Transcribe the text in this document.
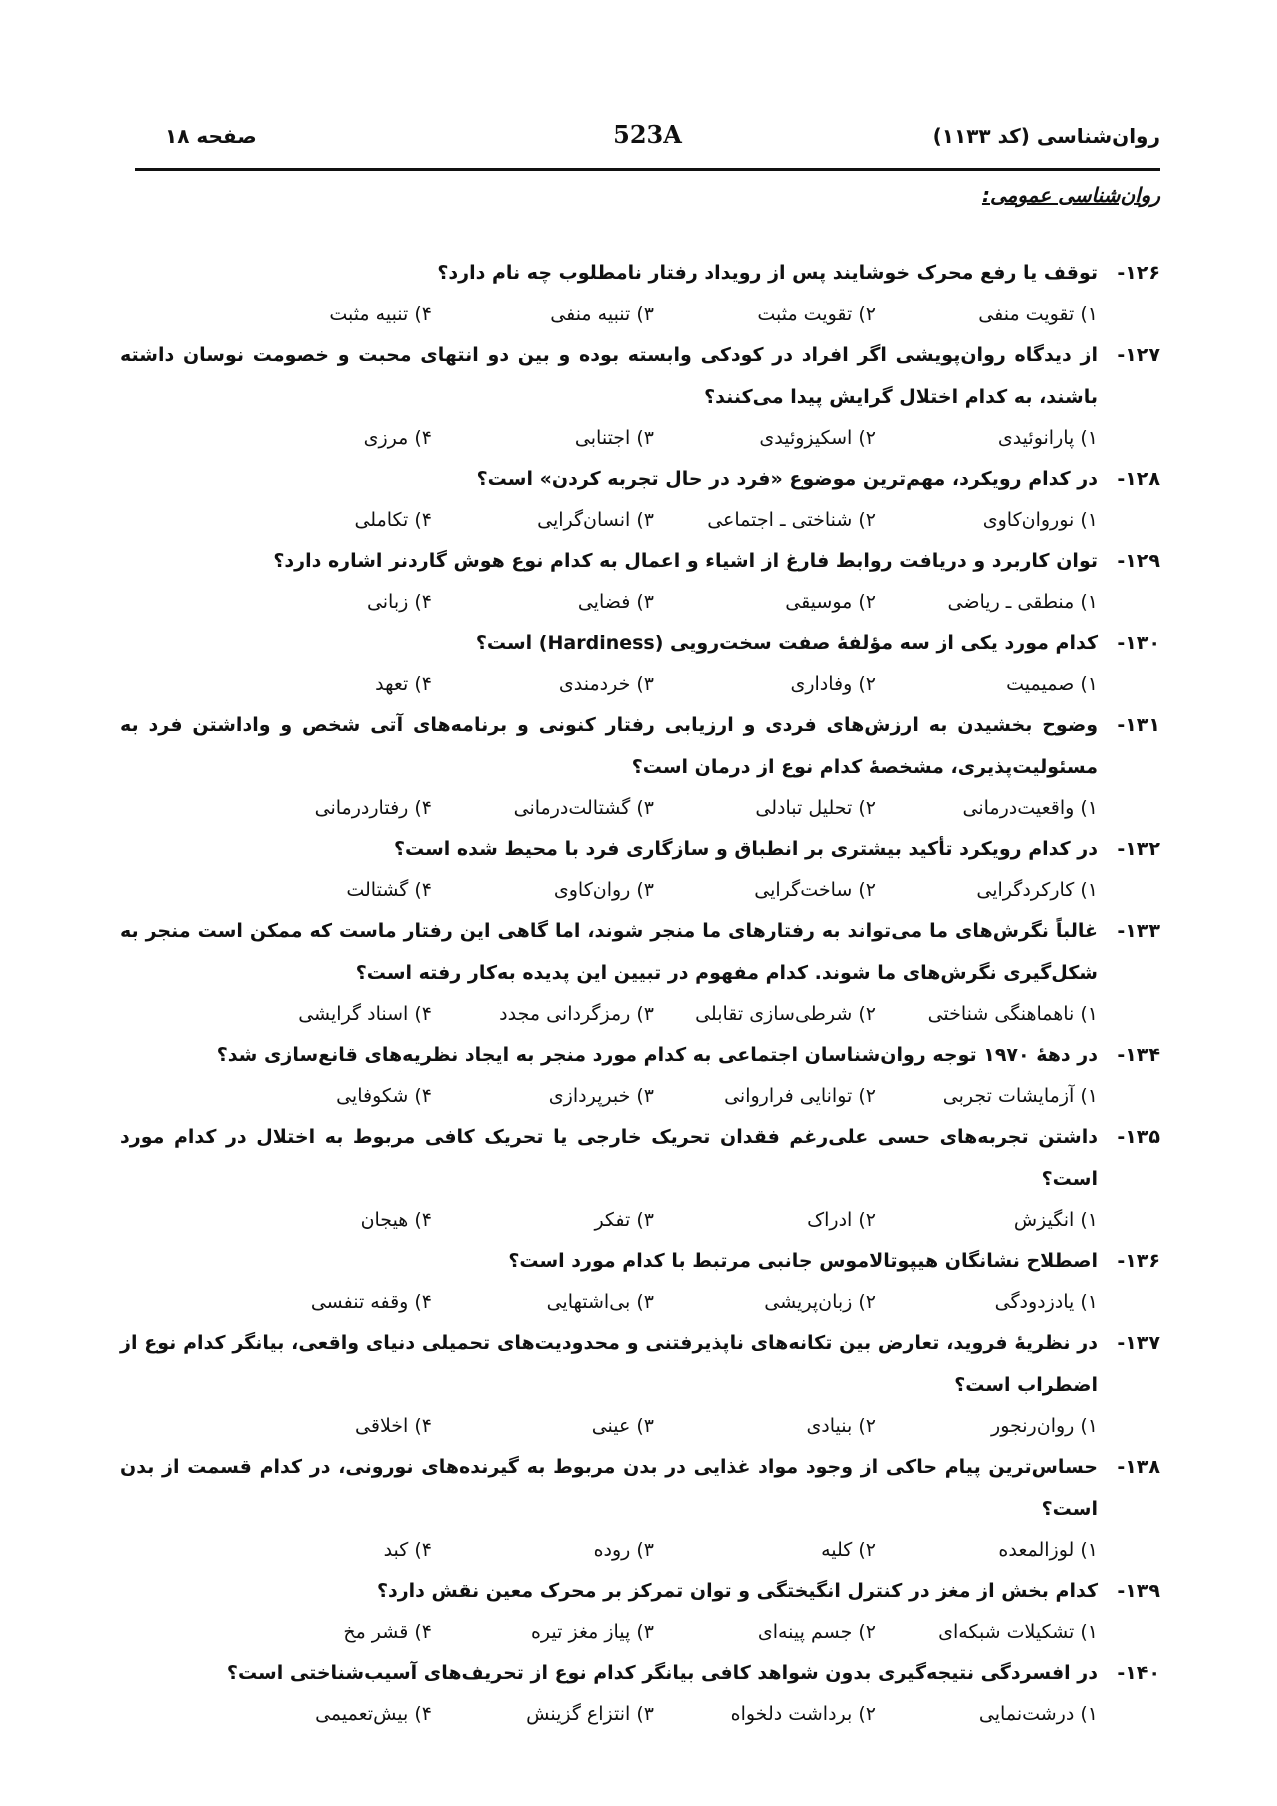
روان‌شناسی (کد ۱۱۳۳)
523A
صفحه ۱۸
روان‌شناسی عمومی:
۱۲۶-
توقف یا رفع محرک خوشایند پس از رویداد رفتار نامطلوب چه نام دارد؟
۱) تقویت منفی
۲) تقویت مثبت
۳) تنبیه منفی
۴) تنبیه مثبت
۱۲۷-
از دیدگاه روان‌پویشی اگر افراد در کودکی وابسته بوده و بین دو انتهای محبت و خصومت نوسان داشته باشند، به کدام اختلال گرایش پیدا می‌کنند؟
۱) پارانوئیدی
۲) اسکیزوئیدی
۳) اجتنابی
۴) مرزی
۱۲۸-
در کدام رویکرد، مهم‌ترین موضوع «فرد در حال تجربه کردن» است؟
۱) نوروان‌کاوی
۲) شناختی ـ اجتماعی
۳) انسان‌گرایی
۴) تکاملی
۱۲۹-
توان کاربرد و دریافت روابط فارغ از اشیاء و اعمال به کدام نوع هوش گاردنر اشاره دارد؟
۱) منطقی ـ ریاضی
۲) موسیقی
۳) فضایی
۴) زبانی
۱۳۰-
کدام مورد یکی از سه مؤلفهٔ صفت سخت‌رویی (Hardiness) است؟
۱) صمیمیت
۲) وفاداری
۳) خردمندی
۴) تعهد
۱۳۱-
وضوح بخشیدن به ارزش‌های فردی و ارزیابی رفتار کنونی و برنامه‌های آتی شخص و واداشتن فرد به مسئولیت‌پذیری، مشخصهٔ کدام نوع از درمان است؟
۱) واقعیت‌درمانی
۲) تحلیل تبادلی
۳) گشتالت‌درمانی
۴) رفتاردرمانی
۱۳۲-
در کدام رویکرد تأکید بیشتری بر انطباق و سازگاری فرد با محیط شده است؟
۱) کارکردگرایی
۲) ساخت‌گرایی
۳) روان‌کاوی
۴) گشتالت
۱۳۳-
غالباً نگرش‌های ما می‌تواند به رفتارهای ما منجر شوند، اما گاهی این رفتار ماست که ممکن است منجر به شکل‌گیری نگرش‌های ما شوند. کدام مفهوم در تبیین این پدیده به‌کار رفته است؟
۱) ناهماهنگی شناختی
۲) شرطی‌سازی تقابلی
۳) رمزگردانی مجدد
۴) اسناد گرایشی
۱۳۴-
در دههٔ ۱۹۷۰ توجه روان‌شناسان اجتماعی به کدام مورد منجر به ایجاد نظریه‌های قانع‌سازی شد؟
۱) آزمایشات تجربی
۲) توانایی فراروانی
۳) خبرپردازی
۴) شکوفایی
۱۳۵-
داشتن تجربه‌های حسی علی‌رغم فقدان تحریک خارجی یا تحریک کافی مربوط به اختلال در کدام مورد است؟
۱) انگیزش
۲) ادراک
۳) تفکر
۴) هیجان
۱۳۶-
اصطلاح نشانگان هیپوتالاموس جانبی مرتبط با کدام مورد است؟
۱) یادزدودگی
۲) زبان‌پریشی
۳) بی‌اشتهایی
۴) وقفه تنفسی
۱۳۷-
در نظریهٔ فروید، تعارض بین تکانه‌های ناپذیرفتنی و محدودیت‌های تحمیلی دنیای واقعی، بیانگر کدام نوع از اضطراب است؟
۱) روان‌رنجور
۲) بنیادی
۳) عینی
۴) اخلاقی
۱۳۸-
حساس‌ترین پیام حاکی از وجود مواد غذایی در بدن مربوط به گیرنده‌های نورونی، در کدام قسمت از بدن است؟
۱) لوزالمعده
۲) کلیه
۳) روده
۴) کبد
۱۳۹-
کدام بخش از مغز در کنترل انگیختگی و توان تمرکز بر محرک معین نقش دارد؟
۱) تشکیلات شبکه‌ای
۲) جسم پینه‌ای
۳) پیاز مغز تیره
۴) قشر مخ
۱۴۰-
در افسردگی نتیجه‌گیری بدون شواهد کافی بیانگر کدام نوع از تحریف‌های آسیب‌شناختی است؟
۱) درشت‌نمایی
۲) برداشت دلخواه
۳) انتزاع گزینش
۴) بیش‌تعمیمی
